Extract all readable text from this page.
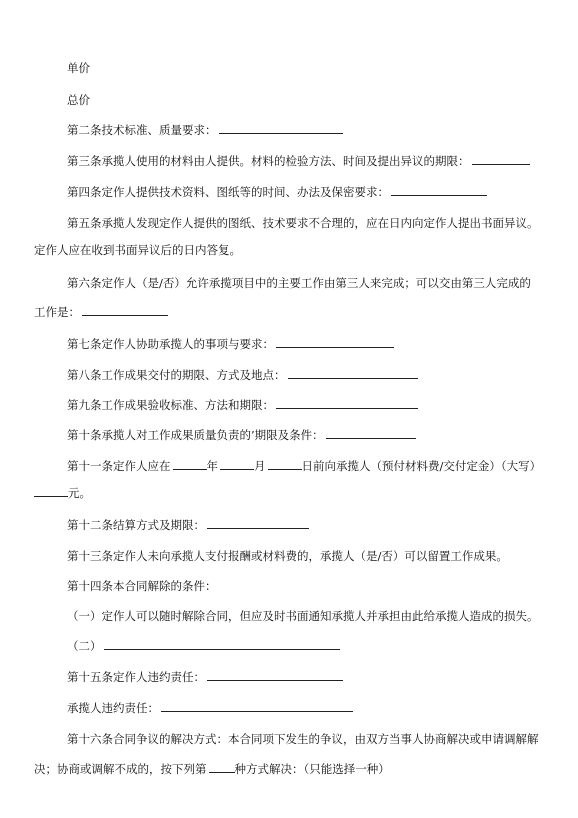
单价
总价
第二条技术标准、质量要求：
第三条承揽人使用的材料由人提供。材料的检验方法、时间及提出异议的期限：
第四条定作人提供技术资料、图纸等的时间、办法及保密要求：
第五条承揽人发现定作人提供的图纸、技术要求不合理的，应在日内向定作人提出书面异议。
定作人应在收到书面异议后的日内答复。
第六条定作人（是/否）允许承揽项目中的主要工作由第三人来完成；可以交由第三人完成的
工作是：
第七条定作人协助承揽人的事项与要求：
第八条工作成果交付的期限、方式及地点：
第九条工作成果验收标准、方法和期限：
第十条承揽人对工作成果质量负责的’期限及条件：
第十一条定作人应在	年	月	日前向承揽人（预付材料费/交付定金）（大写）
元。
第十二条结算方式及期限：
第十三条定作人未向承揽人支付报酬或材料费的，承揽人（是/否）可以留置工作成果。
第十四条本合同解除的条件：
（一）定作人可以随时解除合同，但应及时书面通知承揽人并承担由此给承揽人造成的损失。
（二）
第十五条定作人违约责任：
承揽人违约责任：
第十六条合同争议的解决方式：本合同项下发生的争议，由双方当事人协商解决或申请调解解
决；协商或调解不成的，按下列第 种方式解决：（只能选择一种）
